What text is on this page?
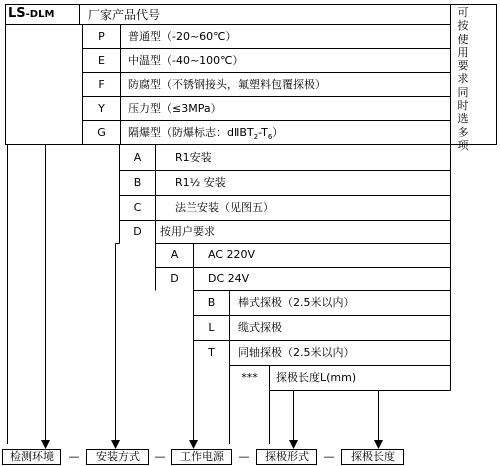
LS-DLM	厂家产品代号	可按使用要求同时选多项
P	普通型（-20~60℃）
E	中温型（-40~100℃）
F	防腐型（不锈钢接头，氟塑料包覆探极）
Y	压力型（≤3MPa）
G	隔爆型（防爆标志：$dⅡBT_2-T_6$）
A	R1安装
B	R1½ 安装
C	法兰安装（见图五）
D	按用户要求
A	AC 220V
D	DC 24V
B	棒式探极（2.5米以内）
L	缆式探极
T	同轴探极（2.5米以内）
***	探极长度L(mm)
检测环境	—	安装方式	—	工作电源	—	探极形式	—	探极长度
